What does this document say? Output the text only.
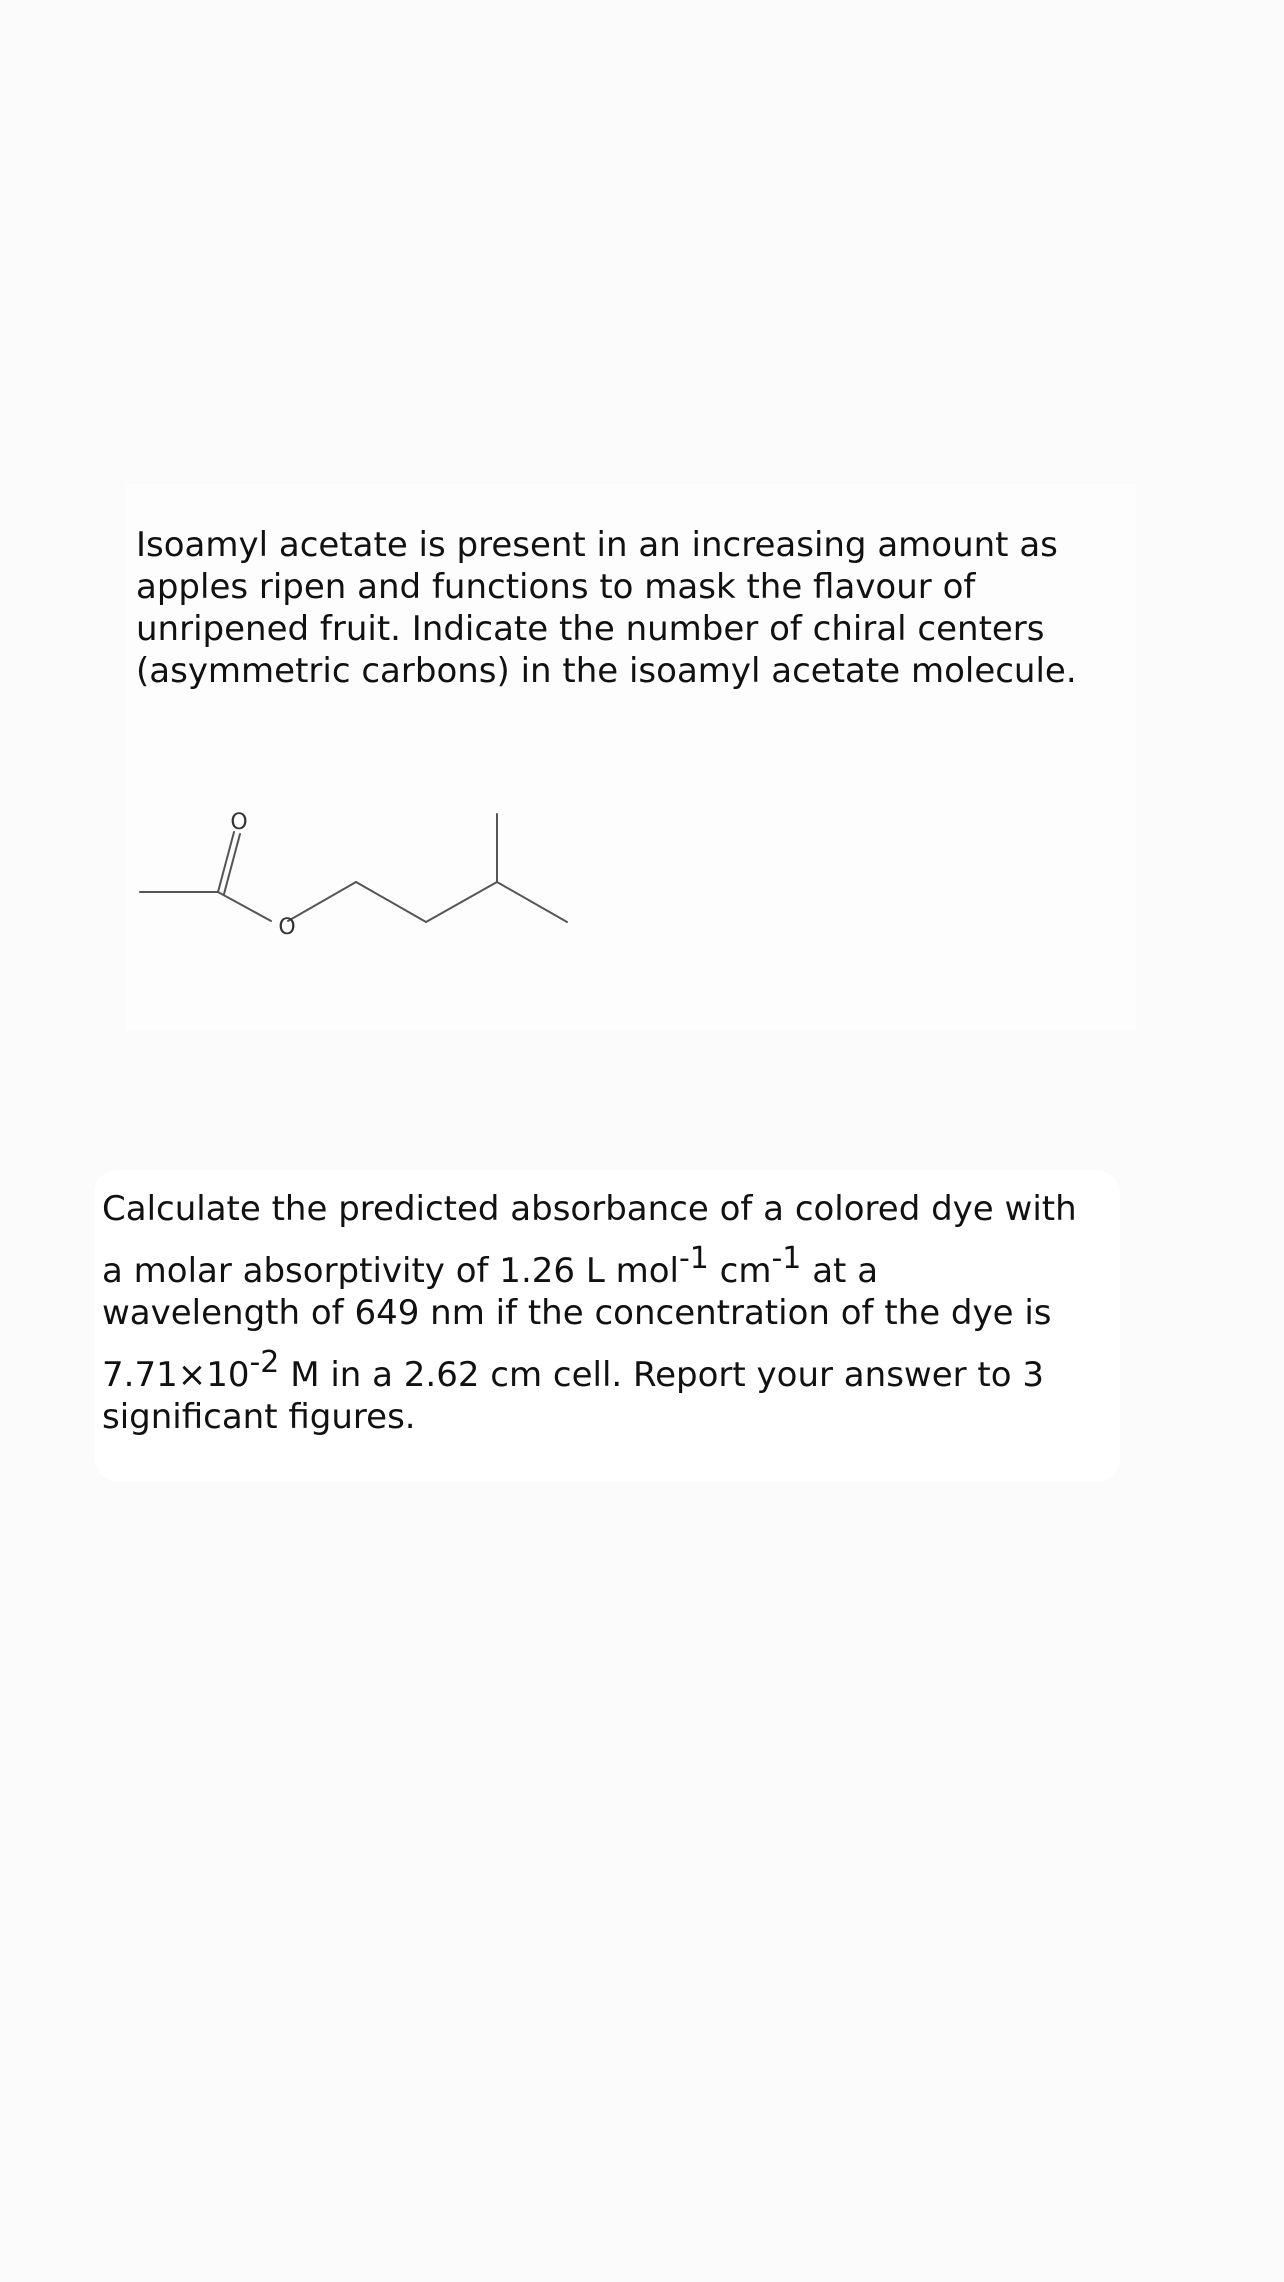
Isoamyl acetate is present in an increasing amount as apples ripen and functions to mask the flavour of unripened fruit. Indicate the number of chiral centers (asymmetric carbons) in the isoamyl acetate molecule.

O
O

Calculate the predicted absorbance of a colored dye with
a molar absorptivity of 1.26 L mol$^{-1}$ $cm^{-1}$ at a
wavelength of 649 nm if the concentration of the dye is
$7.71\times 10^{-2}$ M in a 2.62 cm cell. Report your answer to 3
significant figures.
